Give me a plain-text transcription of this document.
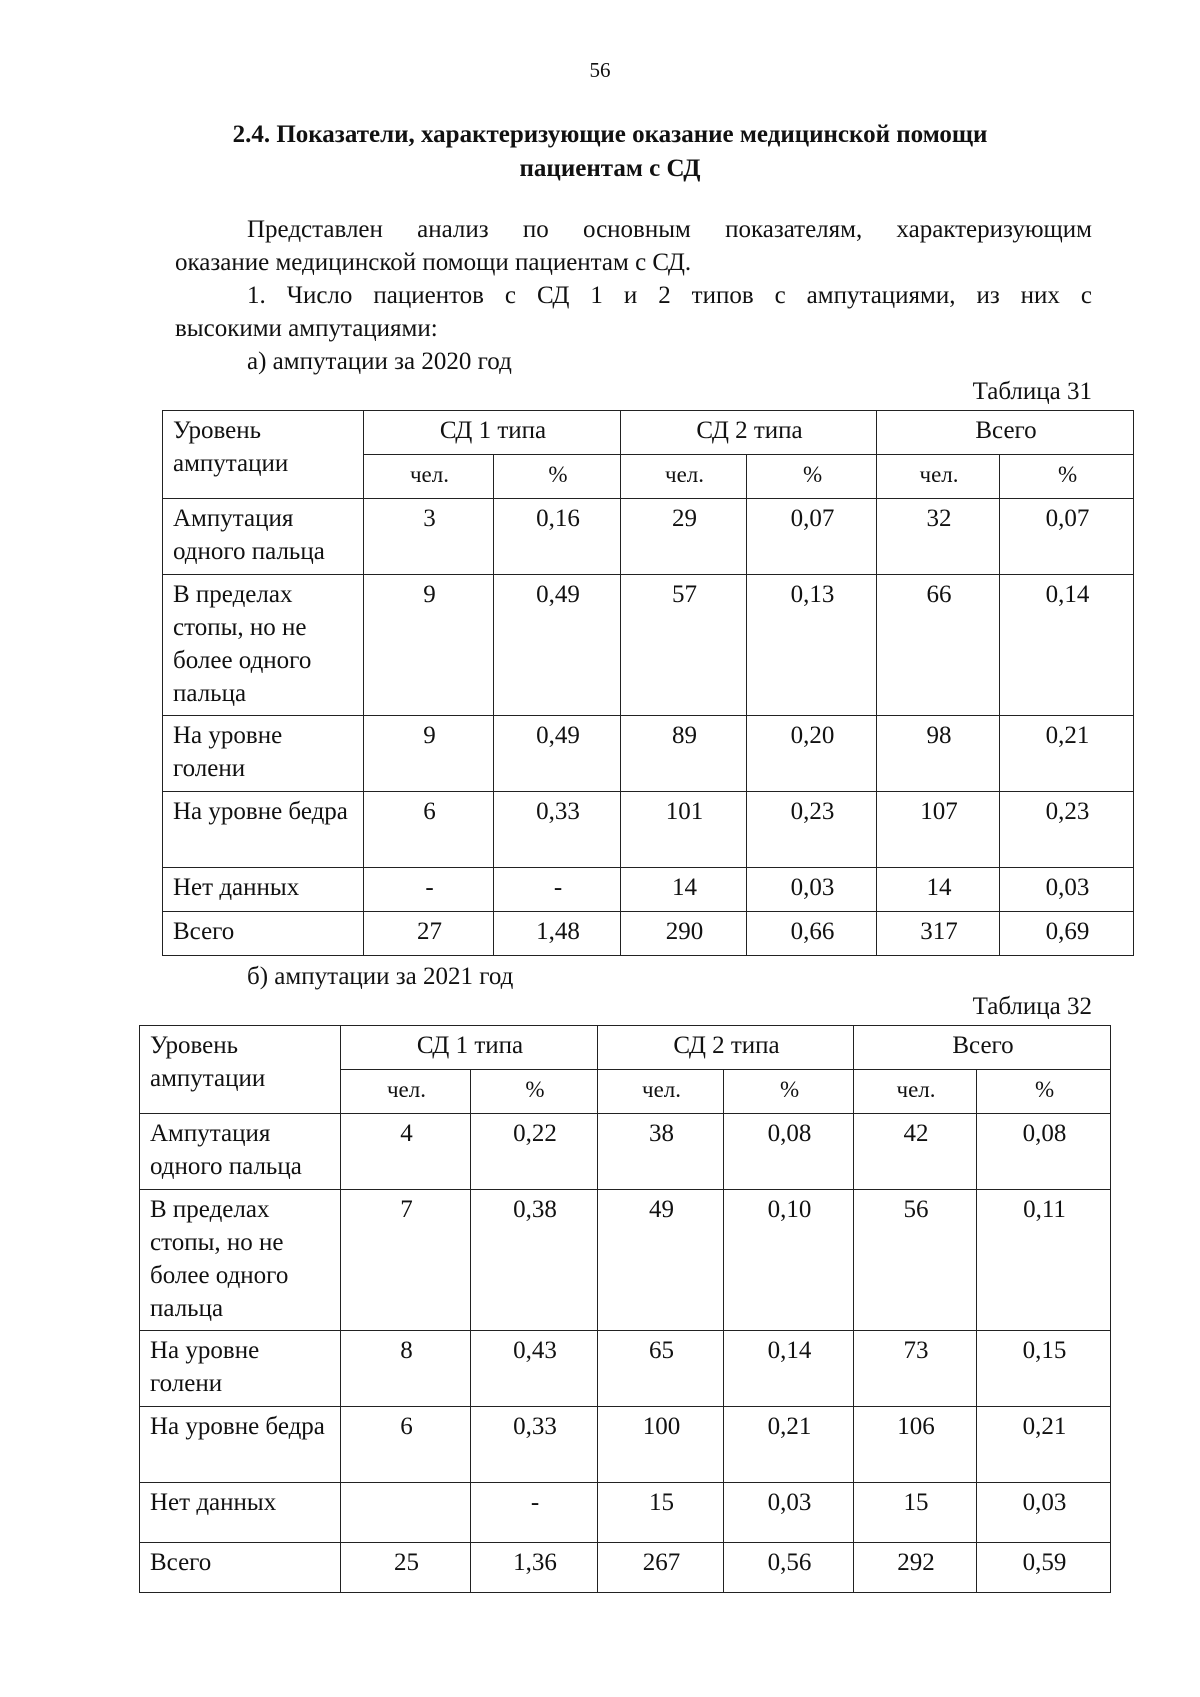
56
2.4. Показатели, характеризующие оказание медицинской помощи
пациентам с СД
Представлен анализ по основным показателям, характеризующим
оказание медицинской помощи пациентам с СД.
1. Число пациентов с СД 1 и 2 типов с ампутациями, из них с
высокими ампутациями:
а) ампутации за 2020 год
Таблица 31
Уровень ампутации	СД 1 типа		СД 2 типа		Всего	
	чел.	%	чел.	%	чел.	%
Ампутация одного пальца	3	0,16	29	0,07	32	0,07
В пределах стопы, но не более одного пальца	9	0,49	57	0,13	66	0,14
На уровне голени	9	0,49	89	0,20	98	0,21
На уровне бедра	6	0,33	101	0,23	107	0,23
Нет данных	-	-	14	0,03	14	0,03
Всего	27	1,48	290	0,66	317	0,69
б) ампутации за 2021 год
Таблица 32
Уровень ампутации	СД 1 типа		СД 2 типа		Всего	
	чел.	%	чел.	%	чел.	%
Ампутация одного пальца	4	0,22	38	0,08	42	0,08
В пределах стопы, но не более одного пальца	7	0,38	49	0,10	56	0,11
На уровне голени	8	0,43	65	0,14	73	0,15
На уровне бедра	6	0,33	100	0,21	106	0,21
Нет данных		-	15	0,03	15	0,03
Всего	25	1,36	267	0,56	292	0,59
